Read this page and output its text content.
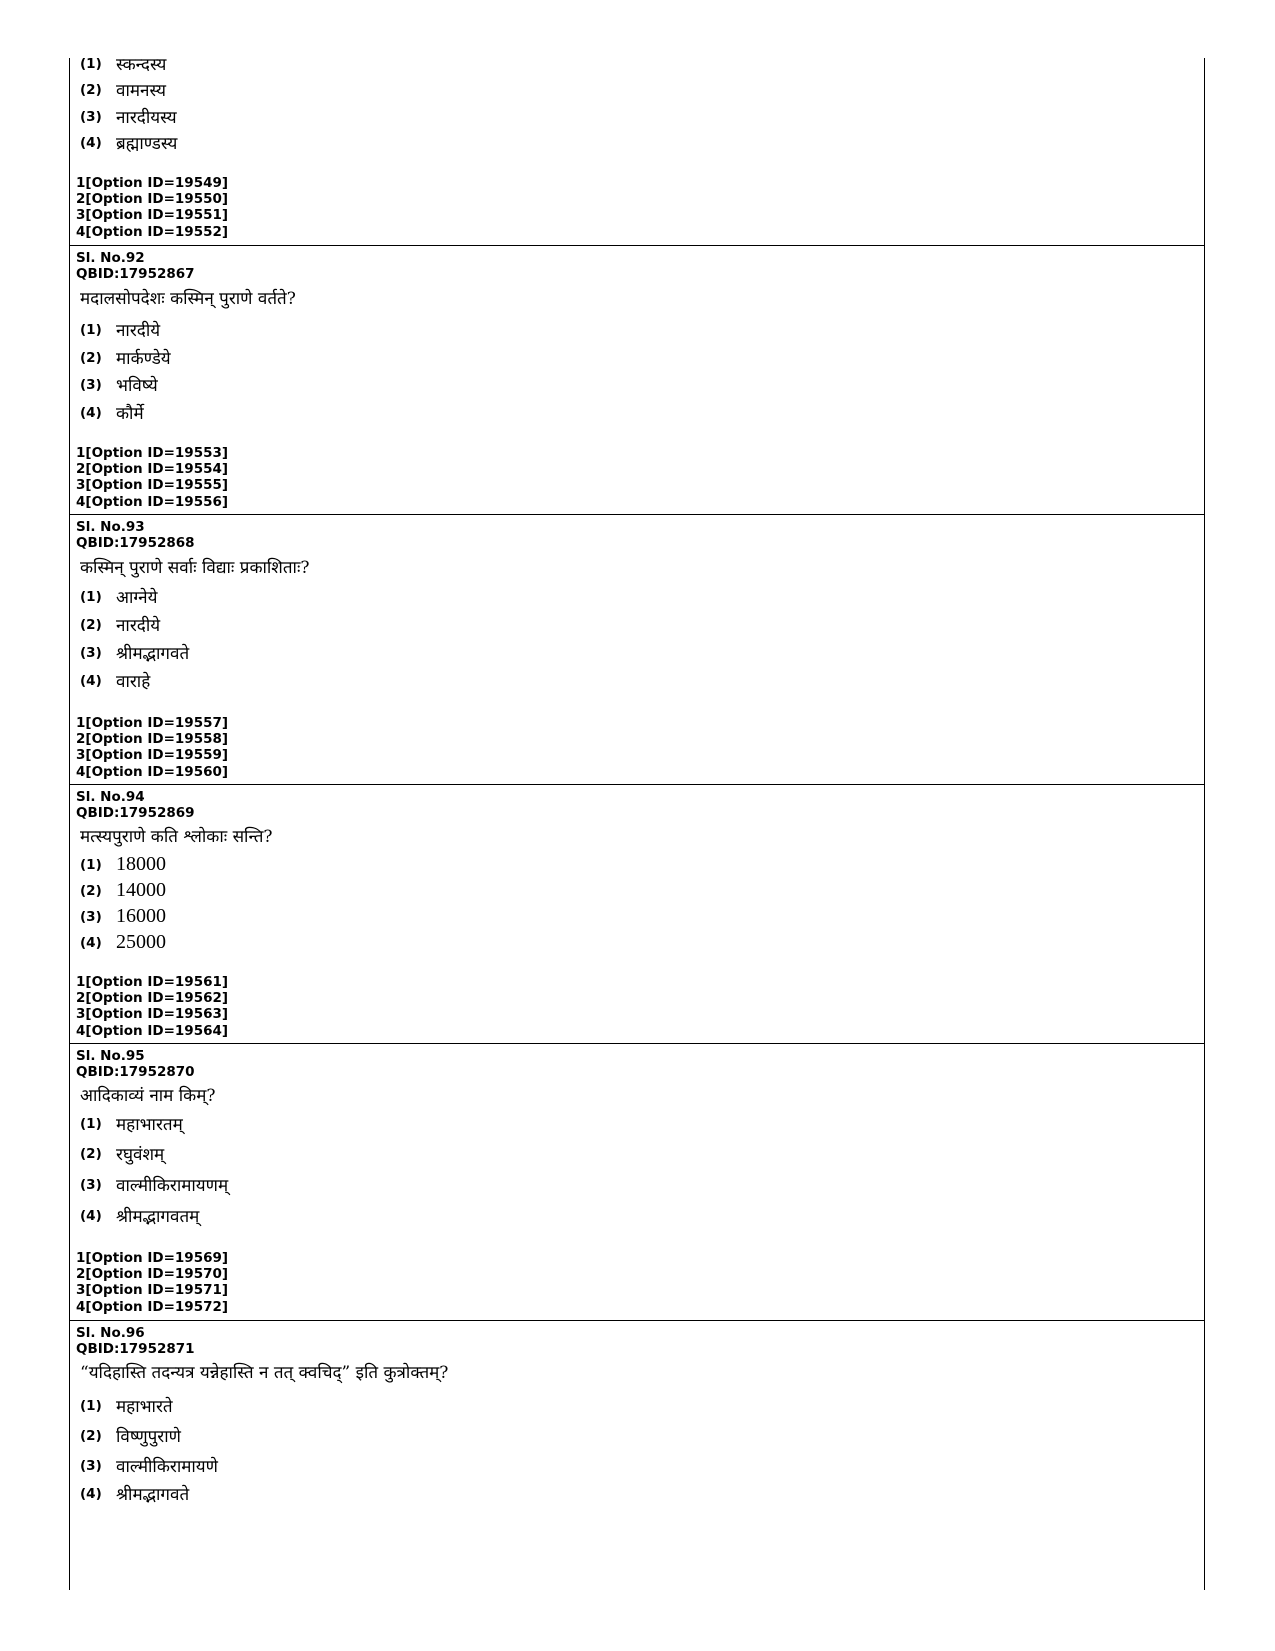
(1) स्कन्दस्य
(2) वामनस्य
(3) नारदीयस्य
(4) ब्रह्माण्डस्य
1[Option ID=19549]
2[Option ID=19550]
3[Option ID=19551]
4[Option ID=19552]
Sl. No.92
QBID:17952867
मदालसोपदेशः कस्मिन् पुराणे वर्तते?
(1) नारदीये
(2) मार्कण्डेये
(3) भविष्ये
(4) कौर्मे
1[Option ID=19553]
2[Option ID=19554]
3[Option ID=19555]
4[Option ID=19556]
Sl. No.93
QBID:17952868
कस्मिन् पुराणे सर्वाः विद्याः प्रकाशिताः?
(1) आग्नेये
(2) नारदीये
(3) श्रीमद्भागवते
(4) वाराहे
1[Option ID=19557]
2[Option ID=19558]
3[Option ID=19559]
4[Option ID=19560]
Sl. No.94
QBID:17952869
मत्स्यपुराणे कति श्लोकाः सन्ति?
(1) 18000
(2) 14000
(3) 16000
(4) 25000
1[Option ID=19561]
2[Option ID=19562]
3[Option ID=19563]
4[Option ID=19564]
Sl. No.95
QBID:17952870
आदिकाव्यं नाम किम्?
(1) महाभारतम्
(2) रघुवंशम्
(3) वाल्मीकिरामायणम्
(4) श्रीमद्भागवतम्
1[Option ID=19569]
2[Option ID=19570]
3[Option ID=19571]
4[Option ID=19572]
Sl. No.96
QBID:17952871
“यदिहास्ति तदन्यत्र यन्नेहास्ति न तत् क्वचिद्” इति कुत्रोक्तम्?
(1) महाभारते
(2) विष्णुपुराणे
(3) वाल्मीकिरामायणे
(4) श्रीमद्भागवते
